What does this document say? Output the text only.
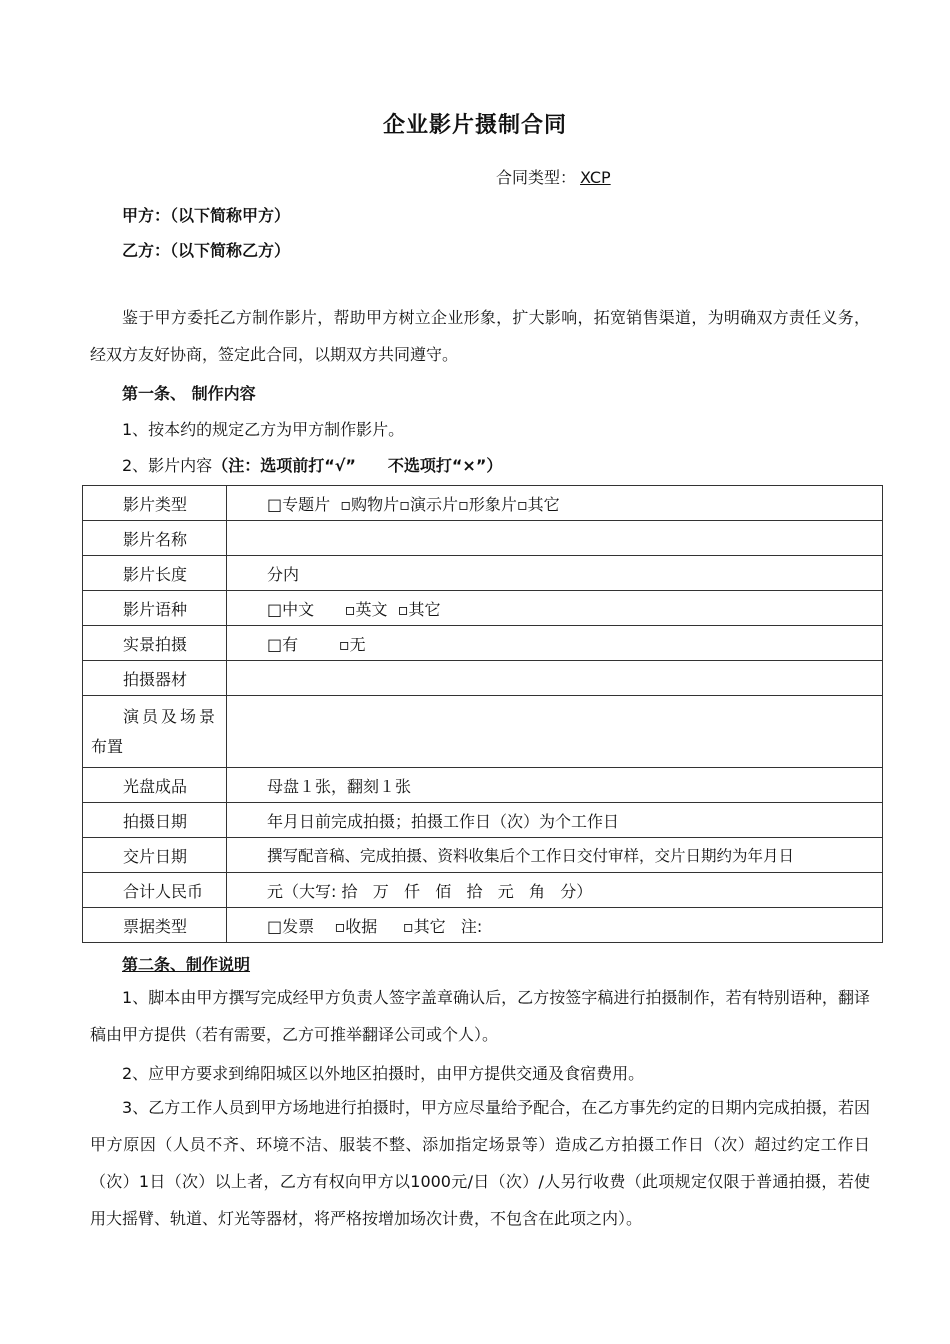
企业影片摄制合同
合同类型： XCP
甲方：（以下简称甲方）
乙方：（以下简称乙方）
鉴于甲方委托乙方制作影片，帮助甲方树立企业形象，扩大影响，拓宽销售渠道，为明确双方责任义务，经双方友好协商，签定此合同，以期双方共同遵守。
第一条、 制作内容
1、按本约的规定乙方为甲方制作影片。
2、影片内容（注：选项前打“√”　　不选项打“×”）
影片类型	□专题片  ▫购物片▫演示片▫形象片▫其它
影片名称	
影片长度	分内
影片语种	□中文      ▫英文  ▫其它
实景拍摄	□有        ▫无
拍摄器材	

演员及场景
布置	

光盘成品	母盘１张，翻刻１张
拍摄日期	年月日前完成拍摄；拍摄工作日（次）为个工作日
交片日期	撰写配音稿、完成拍摄、资料收集后个工作日交付审样，交片日期约为年月日
合计人民币	元（大写: 拾   万   仟   佰   拾   元   角   分）
票据类型	□发票    ▫收据     ▫其它   注:
第二条、制作说明
1、脚本由甲方撰写完成经甲方负责人签字盖章确认后，乙方按签字稿进行拍摄制作，若有特别语种，翻译稿由甲方提供（若有需要，乙方可推举翻译公司或个人）。
2、应甲方要求到绵阳城区以外地区拍摄时，由甲方提供交通及食宿费用。
3、乙方工作人员到甲方场地进行拍摄时，甲方应尽量给予配合，在乙方事先约定的日期内完成拍摄，若因甲方原因（人员不齐、环境不洁、服装不整、添加指定场景等）造成乙方拍摄工作日（次）超过约定工作日（次）1日（次）以上者，乙方有权向甲方以1000元/日（次）/人另行收费（此项规定仅限于普通拍摄，若使用大摇臂、轨道、灯光等器材，将严格按增加场次计费，不包含在此项之内）。
